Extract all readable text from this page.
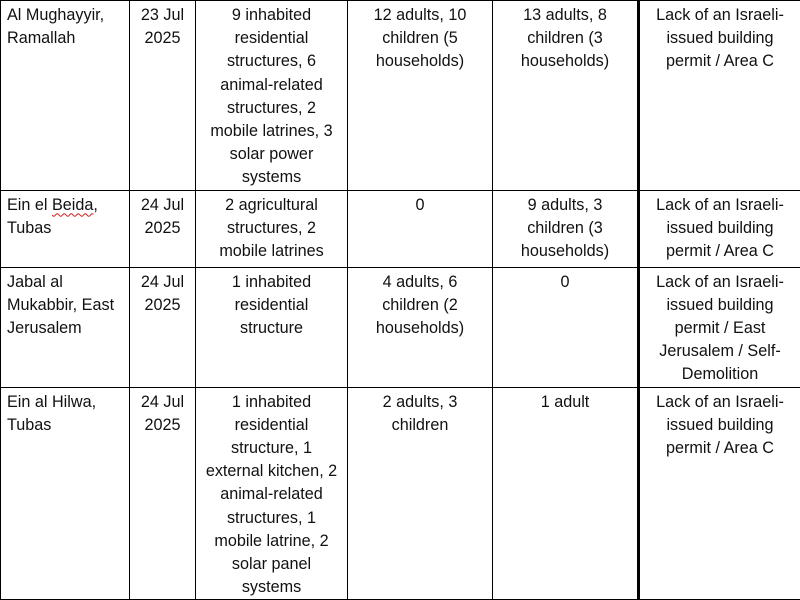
Al Mughayyir, Ramallah	23 Jul 2025	9 inhabited residential structures, 6 animal-related structures, 2 mobile latrines, 3 solar power systems	12 adults, 10 children (5 households)	13 adults, 8 children (3 households)	Lack of an Israeli-issued building permit / Area C
Ein el Beida, Tubas	24 Jul 2025	2 agricultural structures, 2 mobile latrines	0	9 adults, 3 children (3 households)	Lack of an Israeli-issued building permit / Area C
Jabal al Mukabbir, East Jerusalem	24 Jul 2025	1 inhabited residential structure	4 adults, 6 children (2 households)	0	Lack of an Israeli-issued building permit / East Jerusalem / Self-Demolition
Ein al Hilwa, Tubas	24 Jul 2025	1 inhabited residential structure, 1 external kitchen, 2 animal-related structures, 1 mobile latrine, 2 solar panel systems	2 adults, 3 children	1 adult	Lack of an Israeli-issued building permit / Area C
